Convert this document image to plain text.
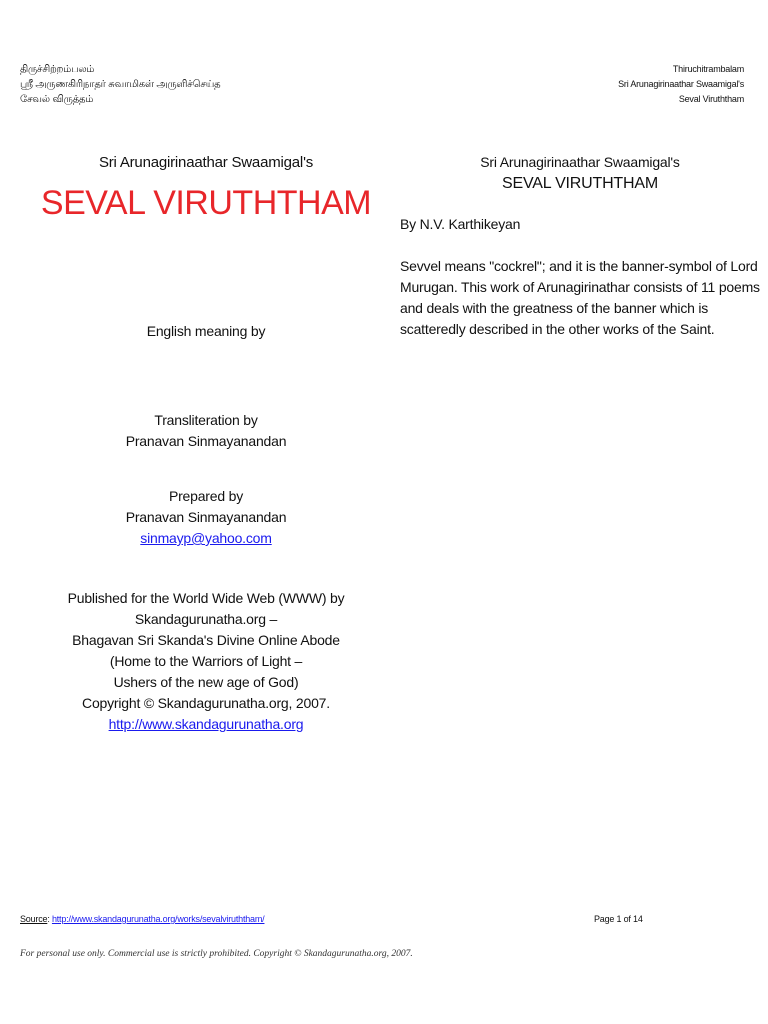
திருச்சிற்றம்பலம்
ஸ்ரீ அருணகிரிநாதர் சுவாமிகள் அருளிச்செய்த
சேவல் விருத்தம்
Thiruchitrambalam
Sri Arunagirinaathar Swaamigal's
Seval Viruththam

Sri Arunagirinaathar Swaamigal's

SEVAL VIRUTHTHAM

English meaning by

Transliteration by

Pranavan Sinmayanandan

Prepared by

Pranavan Sinmayanandan

sinmayp@yahoo.com

Published for the World Wide Web (WWW) by

Skandagurunatha.org –

Bhagavan Sri Skanda's Divine Online Abode

(Home to the Warriors of Light –

Ushers of the new age of God)

Copyright © Skandagurunatha.org, 2007.

http://www.skandagurunatha.org

Sri Arunagirinaathar Swaamigal's

SEVAL VIRUTHTHAM

By N.V. Karthikeyan

Sevvel means "cockrel"; and it is the banner-symbol of Lord Murugan. This work of Arunagirinathar consists of 11 poems and deals with the greatness of the banner which is scatteredly described in the other works of the Saint.

Source: http://www.skandagurunatha.org/works/sevalviruththam/	Page 1 of 14
For personal use only. Commercial use is strictly prohibited. Copyright © Skandagurunatha.org, 2007.
